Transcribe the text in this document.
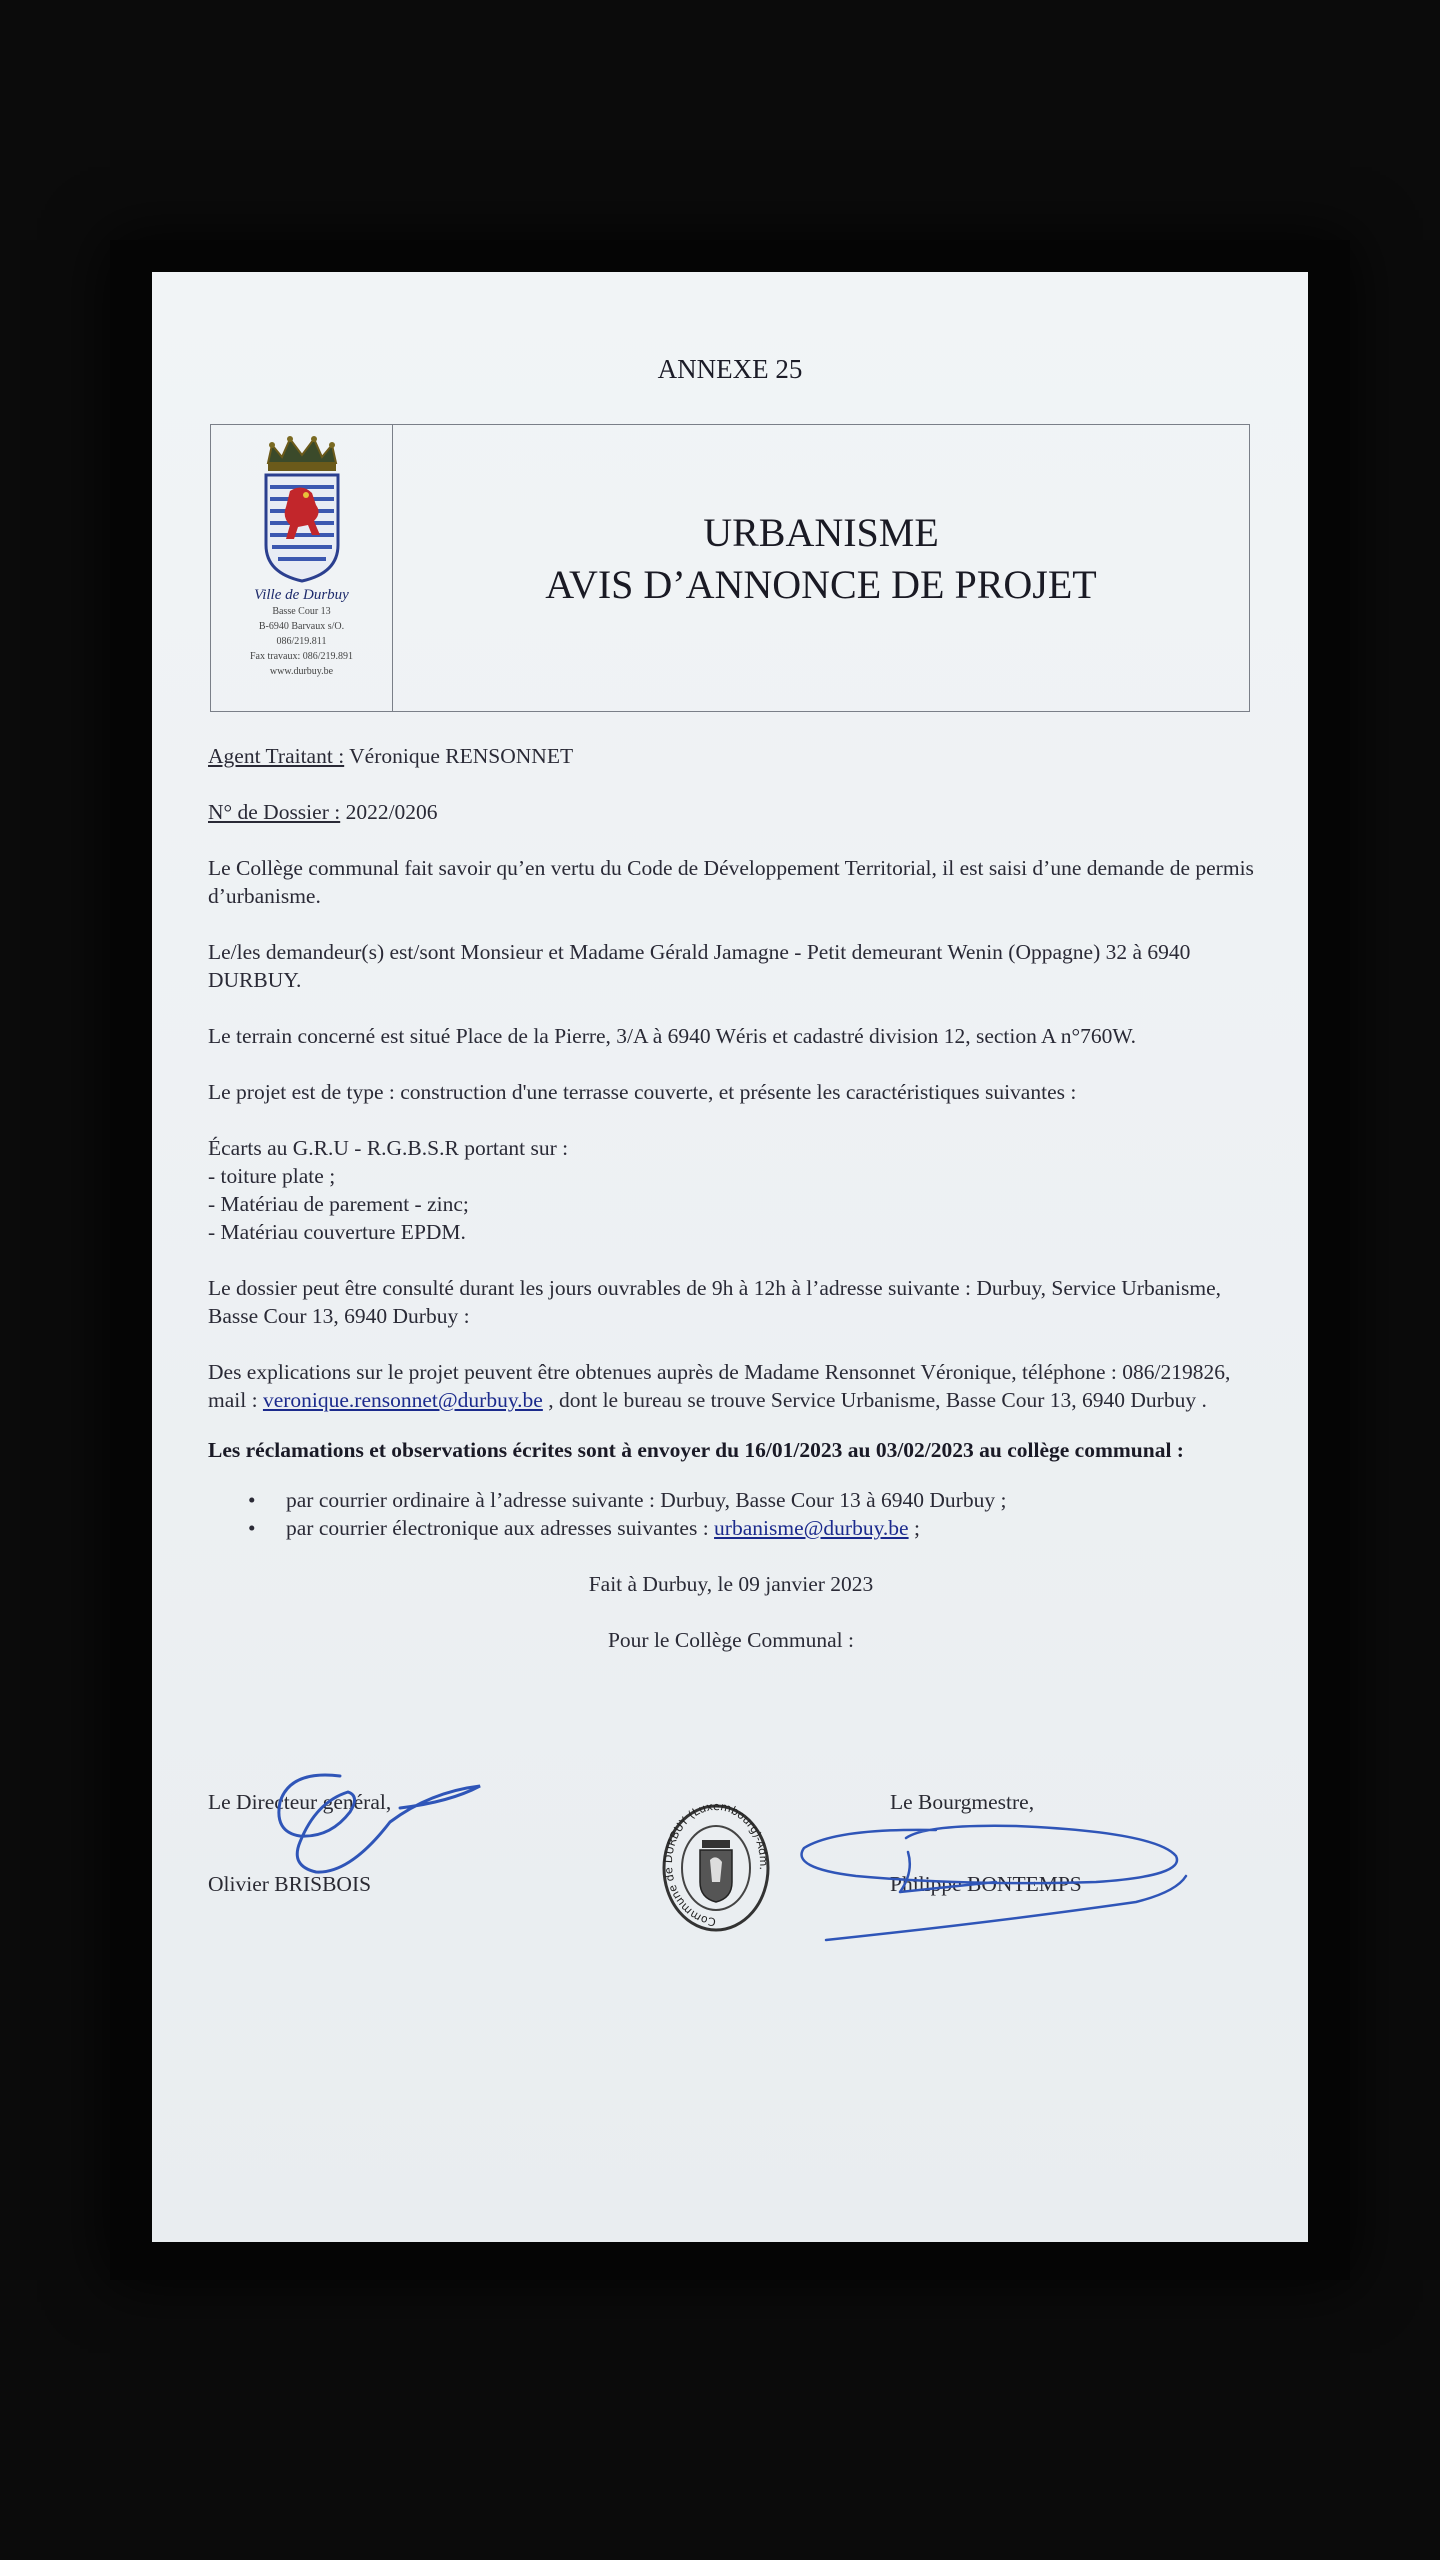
ANNEXE 25
Ville de Durbuy
Basse Cour 13
B-6940 Barvaux s/O.
086/219.811
Fax travaux: 086/219.891
www.durbuy.be
URBANISME
AVIS D’ANNONCE DE PROJET

Agent Traitant : Véronique RENSONNET

N° de Dossier : 2022/0206

Le Collège communal fait savoir qu’en vertu du Code de Développement Territorial, il est saisi d’une demande de permis d’urbanisme.

Le/les demandeur(s) est/sont Monsieur et Madame Gérald Jamagne - Petit demeurant Wenin (Oppagne) 32 à 6940 DURBUY.

Le terrain concerné est situé Place de la Pierre, 3/A à 6940 Wéris et cadastré division 12, section A n°760W.

Le projet est de type : construction d'une terrasse couverte, et présente les caractéristiques suivantes :

Écarts au G.R.U - R.G.B.S.R portant sur :

- toiture plate ;

- Matériau de parement - zinc;

- Matériau couverture EPDM.

Le dossier peut être consulté durant les jours ouvrables de 9h à 12h à l’adresse suivante : Durbuy, Service Urbanisme, Basse Cour 13, 6940 Durbuy :

Des explications sur le projet peuvent être obtenues auprès de Madame Rensonnet Véronique, téléphone : 086/219826, mail : veronique.rensonnet@durbuy.be , dont le bureau se trouve Service Urbanisme, Basse Cour 13, 6940 Durbuy .

Les réclamations et observations écrites sont à envoyer du 16/01/2023 au 03/02/2023 au collège communal :

• par courrier ordinaire à l’adresse suivante : Durbuy, Basse Cour 13 à 6940 Durbuy ;
• par courrier électronique aux adresses suivantes : urbanisme@durbuy.be ;

Fait à Durbuy, le 09 janvier 2023

Pour le Collège Communal :

Le Directeur général,
Olivier BRISBOIS
Le Bourgmestre,
Philippe BONTEMPS
Commune de DURBUY (Luxembourg)-Adm.
